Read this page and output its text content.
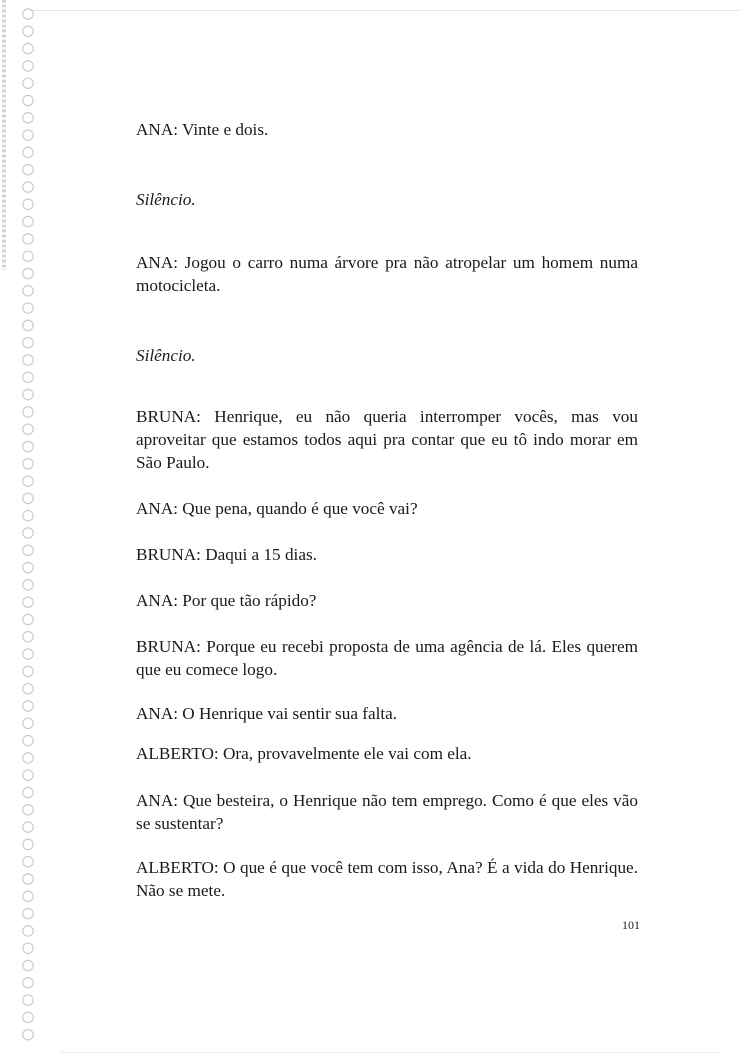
ANA: Vinte e dois.

Silêncio.

ANA: Jogou o carro numa árvore pra não atropelar um homem numa motocicleta.

Silêncio.

BRUNA: Henrique, eu não queria interromper vocês, mas vou aproveitar que estamos todos aqui pra contar que eu tô indo morar em São Paulo.

ANA: Que pena, quando é que você vai?

BRUNA: Daqui a 15 dias.

ANA: Por que tão rápido?

BRUNA: Porque eu recebi proposta de uma agência de lá. Eles querem que eu comece logo.

ANA: O Henrique vai sentir sua falta.

ALBERTO: Ora, provavelmente ele vai com ela.

ANA: Que besteira, o Henrique não tem emprego. Como é que eles vão se sustentar?

ALBERTO: O que é que você tem com isso, Ana? É a vida do Henrique. Não se mete.

101
